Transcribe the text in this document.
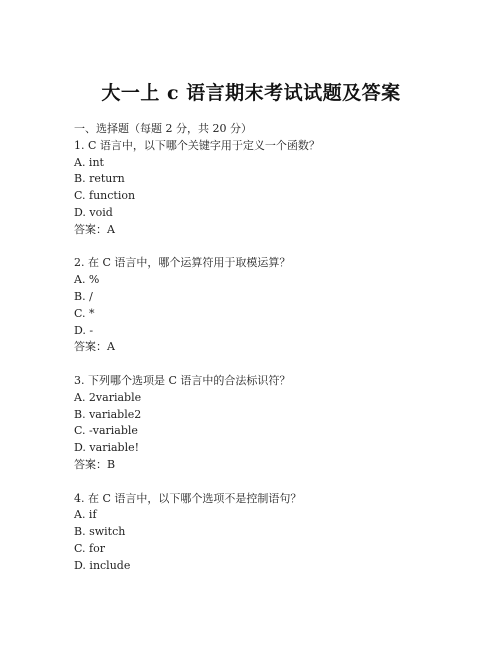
大一上 c 语言期末考试试题及答案
一、选择题（每题 2 分，共 20 分）
1. C 语言中，以下哪个关键字用于定义一个函数？
A. int
B. return
C. function
D. void
答案：A
2. 在 C 语言中，哪个运算符用于取模运算？
A. %
B. /
C. *
D. -
答案：A
3. 下列哪个选项是 C 语言中的合法标识符？
A. 2variable
B. variable2
C. -variable
D. variable!
答案：B
4. 在 C 语言中，以下哪个选项不是控制语句？
A. if
B. switch
C. for
D. include
